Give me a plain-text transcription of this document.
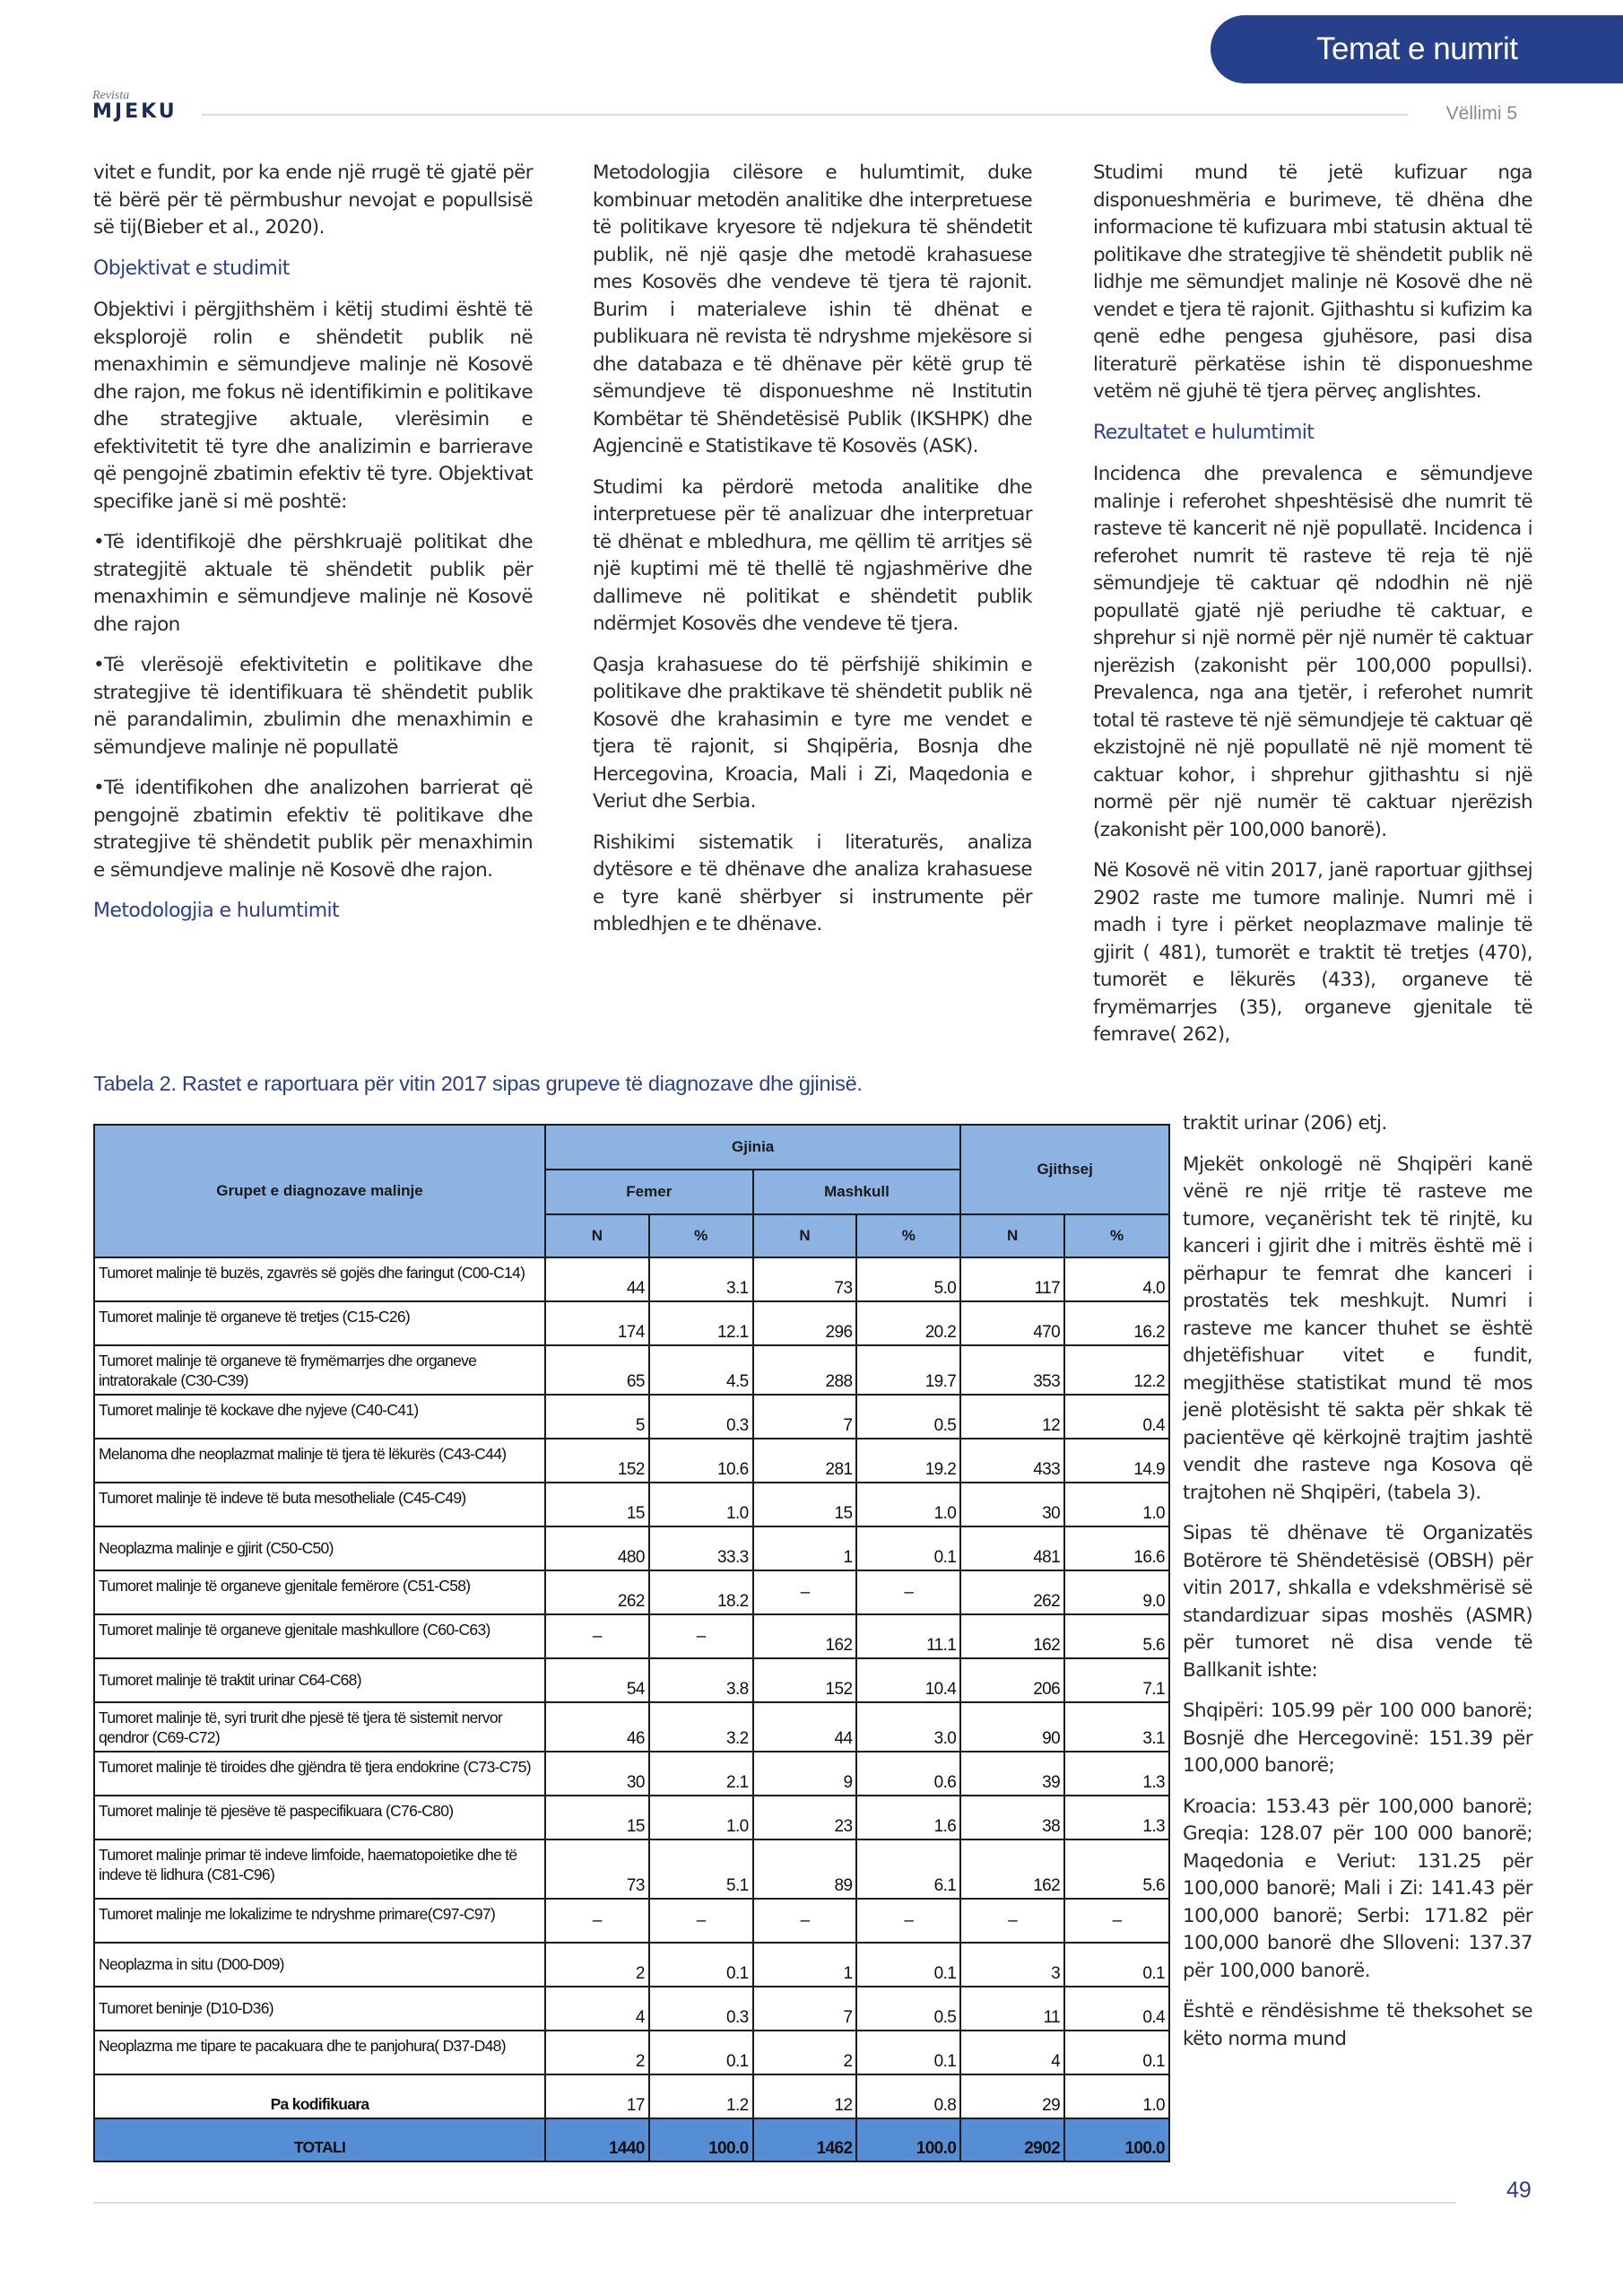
Temat e numrit
Revista
MJEKU	Vëllimi 5

vitet e fundit, por ka ende një rrugë të gjatë për të bërë për të përmbushur nevojat e popullsisë së tij(Bieber et al., 2020).

Objektivat e studimit

Objektivi i përgjithshëm i këtij studimi është të eksplorojë rolin e shëndetit publik në menaxhimin e sëmundjeve malinje në Kosovë dhe rajon, me fokus në identifikimin e politikave dhe strategjive aktuale, vlerësimin e efektivitetit të tyre dhe analizimin e barrierave që pengojnë zbatimin efektiv të tyre. Objektivat specifike janë si më poshtë:

•Të identifikojë dhe përshkruajë politikat dhe strategjitë aktuale të shëndetit publik për menaxhimin e sëmundjeve malinje në Kosovë dhe rajon

•Të vlerësojë efektivitetin e politikave dhe strategjive të identifikuara të shëndetit publik në parandalimin, zbulimin dhe menaxhimin e sëmundjeve malinje në popullatë

•Të identifikohen dhe analizohen barrierat që pengojnë zbatimin efektiv të politikave dhe strategjive të shëndetit publik për menaxhimin e sëmundjeve malinje në Kosovë dhe rajon.

Metodologjia e hulumtimit

Metodologjia cilësore e hulumtimit, duke kombinuar metodën analitike dhe interpretuese të politikave kryesore të ndjekura të shëndetit publik, në një qasje dhe metodë krahasuese mes Kosovës dhe vendeve të tjera të rajonit. Burim i materialeve ishin të dhënat e publikuara në revista të ndryshme mjekësore si dhe databaza e të dhënave për këtë grup të sëmundjeve të disponueshme në Institutin Kombëtar të Shëndetësisë Publik (IKSHPK) dhe Agjencinë e Statistikave të Kosovës (ASK).

Studimi ka përdorë metoda analitike dhe interpretuese për të analizuar dhe interpretuar të dhënat e mbledhura, me qëllim të arritjes së një kuptimi më të thellë të ngjashmërive dhe dallimeve në politikat e shëndetit publik ndërmjet Kosovës dhe vendeve të tjera.

Qasja krahasuese do të përfshijë shikimin e politikave dhe praktikave të shëndetit publik në Kosovë dhe krahasimin e tyre me vendet e tjera të rajonit, si Shqipëria, Bosnja dhe Hercegovina, Kroacia, Mali i Zi, Maqedonia e Veriut dhe Serbia.

Rishikimi sistematik i literaturës, analiza dytësore e të dhënave dhe analiza krahasuese e tyre kanë shërbyer si instrumente për mbledhjen e te dhënave.

Studimi mund të jetë kufizuar nga disponueshmëria e burimeve, të dhëna dhe informacione të kufizuara mbi statusin aktual të politikave dhe strategjive të shëndetit publik në lidhje me sëmundjet malinje në Kosovë dhe në vendet e tjera të rajonit. Gjithashtu si kufizim ka qenë edhe pengesa gjuhësore, pasi disa literaturë përkatëse ishin të disponueshme vetëm në gjuhë të tjera përveç anglishtes.

Rezultatet e hulumtimit

Incidenca dhe prevalenca e sëmundjeve malinje i referohet shpeshtësisë dhe numrit të rasteve të kancerit në një popullatë. Incidenca i referohet numrit të rasteve të reja të një sëmundjeje të caktuar që ndodhin në një popullatë gjatë një periudhe të caktuar, e shprehur si një normë për një numër të caktuar njerëzish (zakonisht për 100,000 popullsi). Prevalenca, nga ana tjetër, i referohet numrit total të rasteve të një sëmundjeje të caktuar që ekzistojnë në një popullatë në një moment të caktuar kohor, i shprehur gjithashtu si një normë për një numër të caktuar njerëzish (zakonisht për 100,000 banorë).

Në Kosovë në vitin 2017, janë raportuar gjithsej 2902 raste me tumore malinje. Numri më i madh i tyre i përket neoplazmave malinje të gjirit ( 481), tumorët e traktit të tretjes (470), tumorët e lëkurës (433), organeve të frymëmarrjes (35), organeve gjenitale të femrave( 262),

traktit urinar (206) etj.

Mjekët onkologë në Shqipëri kanë vënë re një rritje të rasteve me tumore, veçanërisht tek të rinjtë, ku kanceri i gjirit dhe i mitrës është më i përhapur te femrat dhe kanceri i prostatës tek meshkujt. Numri i rasteve me kancer thuhet se është dhjetëfishuar vitet e fundit, megjithëse statistikat mund të mos jenë plotësisht të sakta për shkak të pacientëve që kërkojnë trajtim jashtë vendit dhe rasteve nga Kosova që trajtohen në Shqipëri, (tabela 3).

Sipas të dhënave të Organizatës Botërore të Shëndetësisë (OBSH) për vitin 2017, shkalla e vdekshmërisë së standardizuar sipas moshës (ASMR) për tumoret në disa vende të Ballkanit ishte:

Shqipëri: 105.99 për 100 000 banorë; Bosnjë dhe Hercegovinë: 151.39 për 100,000 banorë;

Kroacia: 153.43 për 100,000 banorë; Greqia: 128.07 për 100 000 banorë; Maqedonia e Veriut: 131.25 për 100,000 banorë; Mali i Zi: 141.43 për 100,000 banorë; Serbi: 171.82 për 100,000 banorë dhe Slloveni: 137.37 për 100,000 banorë.

Është e rëndësishme të theksohet se këto norma mund

Tabela 2. Rastet e raportuara për vitin 2017 sipas grupeve të diagnozave dhe gjinisë.
Grupet e diagnozave malinje	Gjinia				Gjithsej	
	Femer		Mashkull			
	N	%	N	%	N	%
Tumoret malinje të buzës, zgavrës së gojës dhe faringut (C00-C14)	44	3.1	73	5.0	117	4.0
Tumoret malinje të organeve të tretjes (C15-C26)	174	12.1	296	20.2	470	16.2
Tumoret malinje të organeve të frymëmarrjes dhe organeve intratorakale (C30-C39)	65	4.5	288	19.7	353	12.2
Tumoret malinje të kockave dhe nyjeve (C40-C41)	5	0.3	7	0.5	12	0.4
Melanoma dhe neoplazmat malinje të tjera të lëkurës (C43-C44)	152	10.6	281	19.2	433	14.9
Tumoret malinje të indeve të buta mesotheliale (C45-C49)	15	1.0	15	1.0	30	1.0
Neoplazma malinje e gjirit (C50-C50)	480	33.3	1	0.1	481	16.6
Tumoret malinje të organeve gjenitale femërore (C51-C58)	262	18.2	–	–	262	9.0
Tumoret malinje të organeve gjenitale mashkullore (C60-C63)	–	–	162	11.1	162	5.6
Tumoret malinje të traktit urinar C64-C68)	54	3.8	152	10.4	206	7.1
Tumoret malinje të, syri trurit dhe pjesë të tjera të sistemit nervor qendror (C69-C72)	46	3.2	44	3.0	90	3.1
Tumoret malinje të tiroides dhe gjëndra të tjera endokrine (C73-C75)	30	2.1	9	0.6	39	1.3
Tumoret malinje të pjesëve të paspecifikuara (C76-C80)	15	1.0	23	1.6	38	1.3
Tumoret malinje primar të indeve limfoide, haematopoietike dhe të indeve të lidhura (C81-C96)	73	5.1	89	6.1	162	5.6
Tumoret malinje me lokalizime te ndryshme primare(C97-C97)	–	–	–	–	–	–
Neoplazma in situ (D00-D09)	2	0.1	1	0.1	3	0.1
Tumoret beninje (D10-D36)	4	0.3	7	0.5	11	0.4
Neoplazma me tipare te pacakuara dhe te panjohura( D37-D48)	2	0.1	2	0.1	4	0.1
Pa kodifikuara	17	1.2	12	0.8	29	1.0
TOTALI	1440	100.0	1462	100.0	2902	100.0
49
